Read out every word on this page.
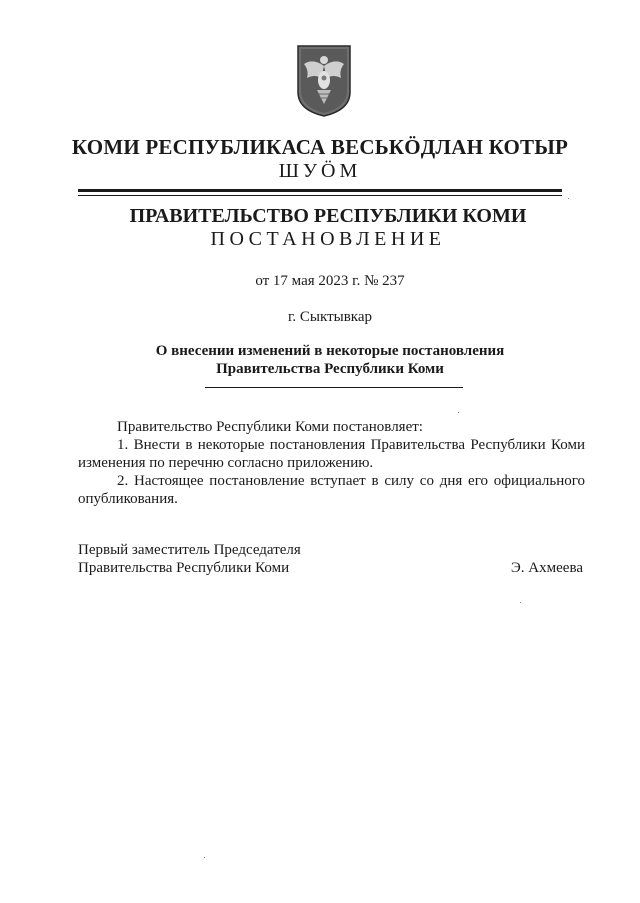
КОМИ РЕСПУБЛИКАСА ВЕСЬКӦДЛАН КОТЫР
ШУÖМ
ПРАВИТЕЛЬСТВО РЕСПУБЛИКИ КОМИ
ПОСТАНОВЛЕНИЕ
от 17 мая 2023 г. № 237
г. Сыктывкар
О внесении изменений в некоторые постановления
Правительства Республики Коми

Правительство Республики Коми постановляет:

1. Внести в некоторые постановления Правительства Республики Коми изменения по перечню согласно приложению.

2. Настоящее постановление вступает в силу со дня его официального опубликования.

Первый заместитель Председателя
Правительства Республики Коми	Э. Ахмеева
